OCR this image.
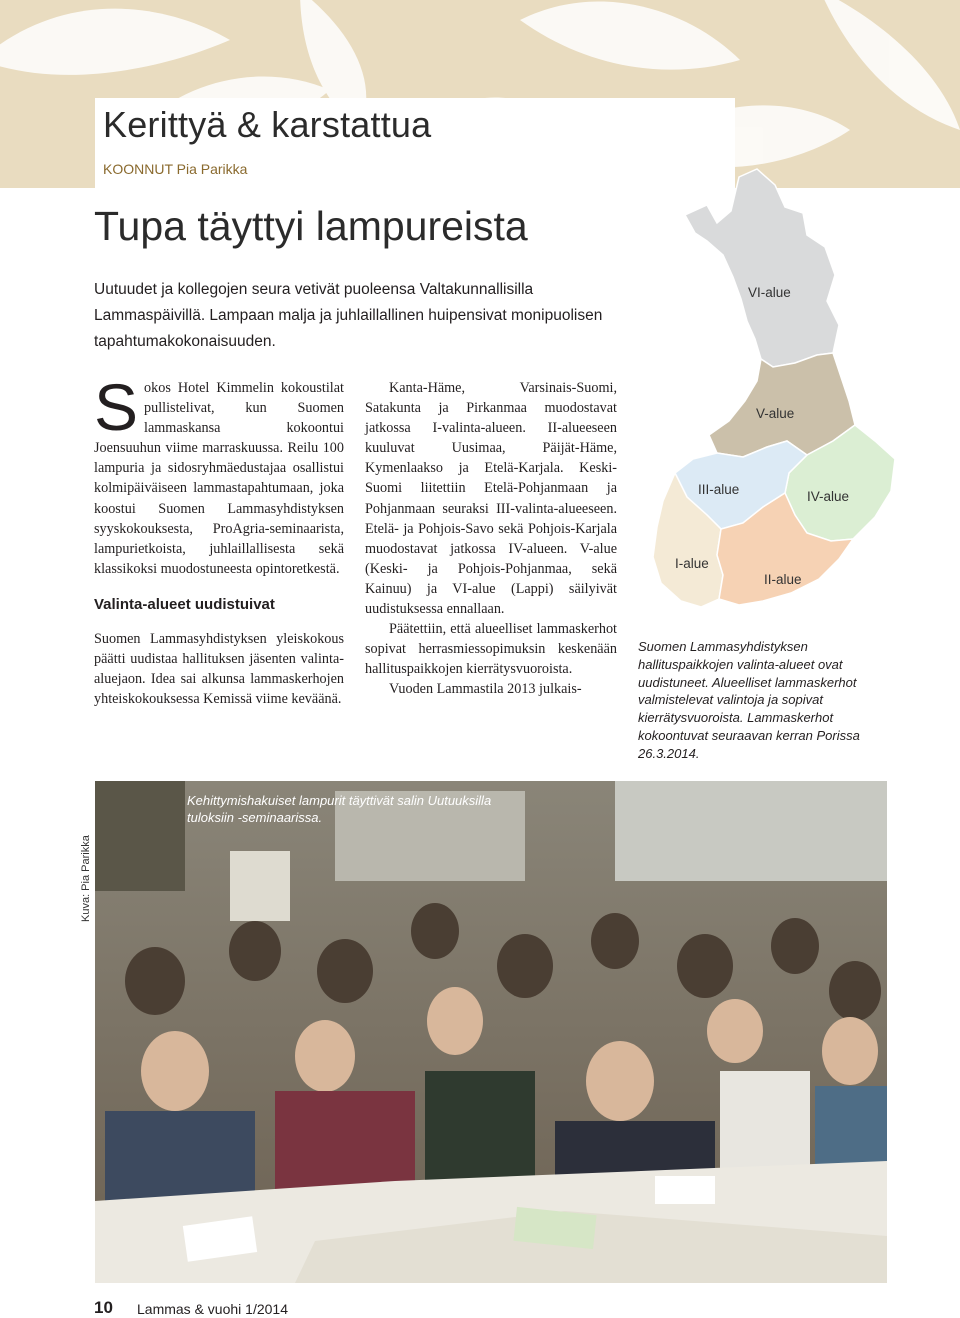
Kerittyä & karstattua
KOONNUT Pia Parikka
Tupa täyttyi lampureista

Uutuudet ja kollegojen seura vetivät puoleensa Valtakunnallisilla Lammaspäivillä. Lampaan malja ja juhlaillallinen huipensivat monipuolisen tapahtumakokonaisuuden.

Sokos Hotel Kimmelin kokoustilat pullistelivat, kun Suomen lammaskansa kokoontui Joensuuhun viime marraskuussa. Reilu 100 lampuria ja sidosryhmäedustajaa osallistui kolmipäiväiseen lammastapahtumaan, joka koostui Suomen Lammasyhdistyksen syyskokouksesta, ProAgria-seminaarista, lampurietkoista, juhlaillallisesta sekä klassikoksi muodostuneesta opintoretkestä.

Valinta-alueet uudistuivat

Suomen Lammasyhdistyksen yleiskokous päätti uudistaa hallituksen jäsenten valinta-aluejaon. Idea sai alkunsa lammaskerhojen yhteiskokouksessa Kemissä viime keväänä.

Kanta-Häme, Varsinais-Suomi, Satakunta ja Pirkanmaa muodostavat jatkossa I-valinta-alueen. II-alueeseen kuuluvat Uusimaa, Päijät-Häme, Kymenlaakso ja Etelä-Karjala. Keski-Suomi liitettiin Etelä-Pohjanmaan ja Pohjanmaan seuraksi III-valinta-alueeseen. Etelä- ja Pohjois-Savo sekä Pohjois-Karjala muodostavat jatkossa IV-alueen. V-alue (Keski- ja Pohjois-Pohjanmaa, sekä Kainuu) ja VI-alue (Lappi) säilyivät uudistuksessa ennallaan.

Päätettiin, että alueelliset lammaskerhot sopivat herrasmiessopimuksin keskenään hallituspaikkojen kierrätysvuoroista.

Vuoden Lammastila 2013 julkais-

VI-alue
V-alue
IV-alue
III-alue
II-alue
I-alue

Suomen Lammasyhdistyksen hallituspaikkojen valinta-alueet ovat uudistuneet. Alueelliset lammaskerhot valmistelevat valintoja ja sopivat kierrätysvuoroista. Lammaskerhot kokoontuvat seuraavan kerran Porissa 26.3.2014.

Kuva: Pia Parikka

Kehittymishakuiset lampurit täyttivät salin Uutuuksilla tuloksiin -seminaarissa.

10 Lammas & vuohi 1/2014
